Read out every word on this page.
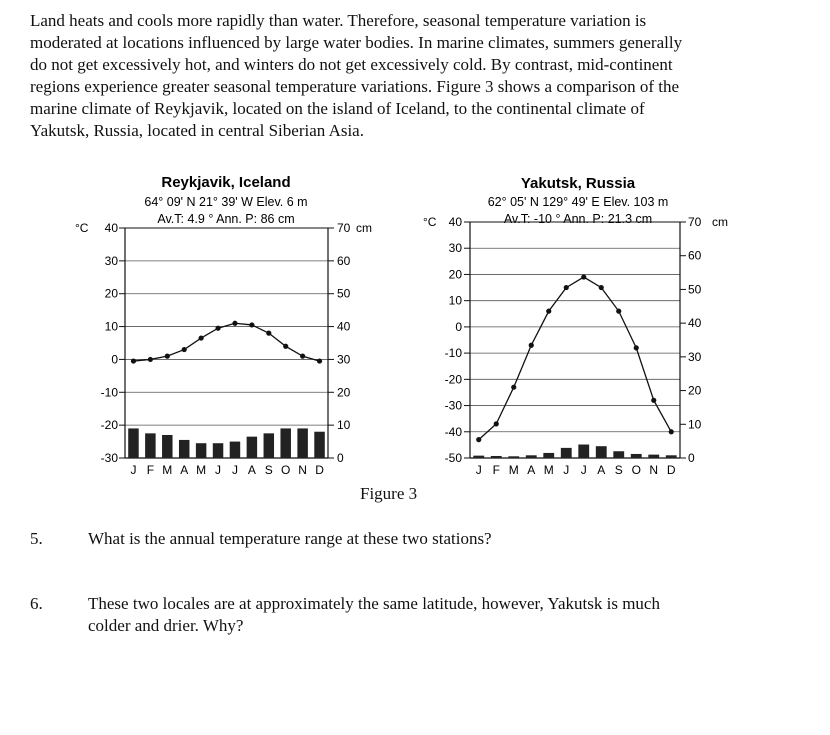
Land heats and cools more rapidly than water. Therefore, seasonal temperature variation is
moderated at locations influenced by large water bodies. In marine climates, summers generally
do not get excessively hot, and winters do not get excessively cold. By contrast, mid-continent
regions experience greater seasonal temperature variations. Figure 3 shows a comparison of the
marine climate of Reykjavik, located on the island of Iceland, to the continental climate of
Yakutsk, Russia, located in central Siberian Asia.
Reykjavik, Iceland
64° 09' N 21° 39' W Elev. 6 m
Av.T: 4.9 ° Ann. P: 86 cm
40
30
20
10
0
-10
-20
-30
°C	70
60
50
40
30
20
10
0
cm
J F M A M J J A S O N D
Yakutsk, Russia
62° 05' N 129° 49' E Elev. 103 m
Av.T: -10 ° Ann. P: 21.3 cm
40
30
20
10
0
-10
-20
-30
-40
-50
°C	70
60
50
40
30
20
10
0
cm
J F M A M J J A S O N D
Figure 3
5.	What is the annual temperature range at these two stations?
6.	These two locales are at approximately the same latitude, however, Yakutsk is much
colder and drier. Why?
